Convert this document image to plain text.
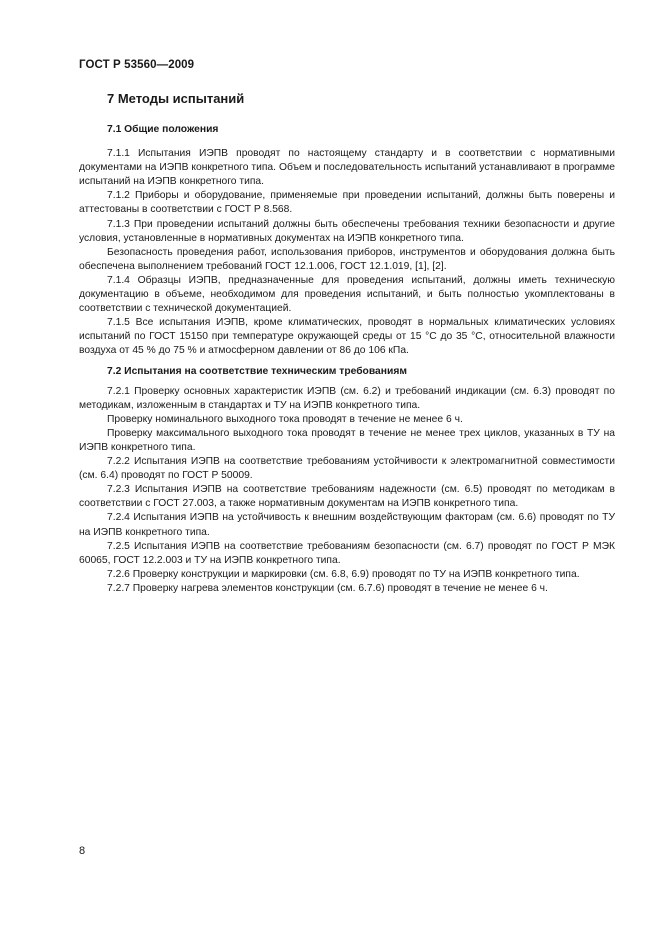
ГОСТ Р 53560—2009
7 Методы испытаний
7.1 Общие положения

7.1.1 Испытания ИЭПВ проводят по настоящему стандарту и в соответствии с нормативными документами на ИЭПВ конкретного типа. Объем и последовательность испытаний устанавливают в программе испытаний на ИЭПВ конкретного типа.

7.1.2 Приборы и оборудование, применяемые при проведении испытаний, должны быть поверены и аттестованы в соответствии с ГОСТ Р 8.568.

7.1.3 При проведении испытаний должны быть обеспечены требования техники безопасности и другие условия, установленные в нормативных документах на ИЭПВ конкретного типа.

Безопасность проведения работ, использования приборов, инструментов и оборудования должна быть обеспечена выполнением требований ГОСТ 12.1.006, ГОСТ 12.1.019, [1], [2].

7.1.4 Образцы ИЭПВ, предназначенные для проведения испытаний, должны иметь техническую документацию в объеме, необходимом для проведения испытаний, и быть полностью укомплектованы в соответствии с технической документацией.

7.1.5 Все испытания ИЭПВ, кроме климатических, проводят в нормальных климатических условиях испытаний по ГОСТ 15150 при температуре окружающей среды от 15 °С до 35 °С, относительной влажности воздуха от 45 % до 75 % и атмосферном давлении от 86 до 106 кПа.

7.2 Испытания на соответствие техническим требованиям

7.2.1 Проверку основных характеристик ИЭПВ (см. 6.2) и требований индикации (см. 6.3) проводят по методикам, изложенным в стандартах и ТУ на ИЭПВ конкретного типа.

Проверку номинального выходного тока проводят в течение не менее 6 ч.

Проверку максимального выходного тока проводят в течение не менее трех циклов, указанных в ТУ на ИЭПВ конкретного типа.

7.2.2 Испытания ИЭПВ на соответствие требованиям устойчивости к электромагнитной совместимости (см. 6.4) проводят по ГОСТ Р 50009.

7.2.3 Испытания ИЭПВ на соответствие требованиям надежности (см. 6.5) проводят по методикам в соответствии с ГОСТ 27.003, а также нормативным документам на ИЭПВ конкретного типа.

7.2.4 Испытания ИЭПВ на устойчивость к внешним воздействующим факторам (см. 6.6) проводят по ТУ на ИЭПВ конкретного типа.

7.2.5 Испытания ИЭПВ на соответствие требованиям безопасности (см. 6.7) проводят по ГОСТ Р МЭК 60065, ГОСТ 12.2.003 и ТУ на ИЭПВ конкретного типа.

7.2.6 Проверку конструкции и маркировки (см. 6.8, 6.9) проводят по ТУ на ИЭПВ конкретного типа.

7.2.7 Проверку нагрева элементов конструкции (см. 6.7.6) проводят в течение не менее 6 ч.

8
